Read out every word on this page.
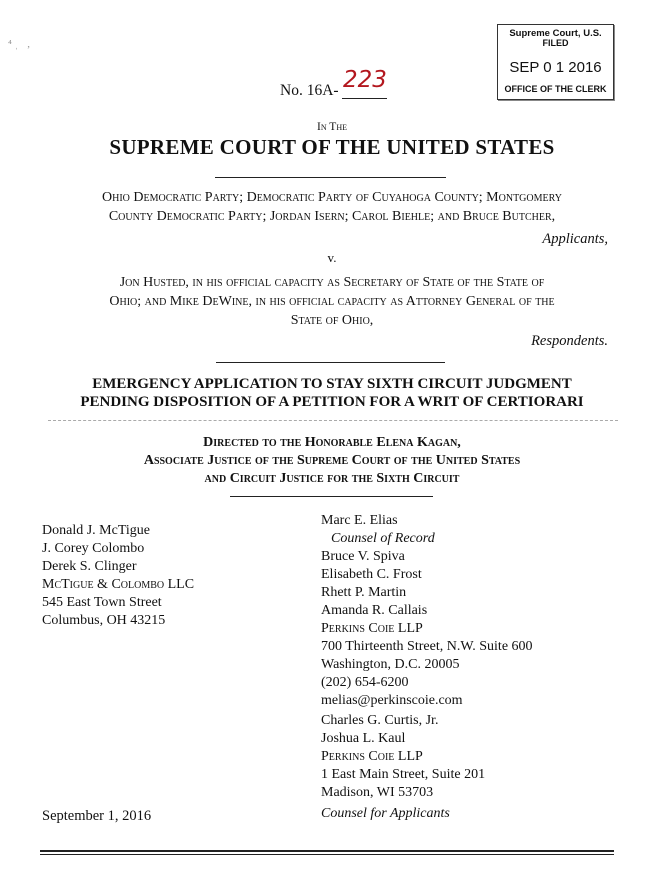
⁴ˌ ,
Supreme Court, U.S.
FILED
SEP 0 1 2016
OFFICE OF THE CLERK
No. 16A- 223
In The
SUPREME COURT OF THE UNITED STATES
Ohio Democratic Party; Democratic Party of Cuyahoga County; Montgomery
County Democratic Party; Jordan Isern; Carol Biehle; and Bruce Butcher,
Applicants,
v.
Jon Husted, in his official capacity as Secretary of State of the State of
Ohio; and Mike DeWine, in his official capacity as Attorney General of the
State of Ohio,
Respondents.
EMERGENCY APPLICATION TO STAY SIXTH CIRCUIT JUDGMENT
PENDING DISPOSITION OF A PETITION FOR A WRIT OF CERTIORARI
Directed to the Honorable Elena Kagan,
Associate Justice of the Supreme Court of the United States
and Circuit Justice for the Sixth Circuit
Donald J. McTigue
J. Corey Colombo
Derek S. Clinger
McTigue & Colombo LLC
545 East Town Street
Columbus, OH 43215
Marc E. Elias
Counsel of Record
Bruce V. Spiva
Elisabeth C. Frost
Rhett P. Martin
Amanda R. Callais
Perkins Coie LLP
700 Thirteenth Street, N.W. Suite 600
Washington, D.C. 20005
(202) 654-6200
melias@perkinscoie.com
Charles G. Curtis, Jr.
Joshua L. Kaul
Perkins Coie LLP
1 East Main Street, Suite 201
Madison, WI 53703
Counsel for Applicants
September 1, 2016
